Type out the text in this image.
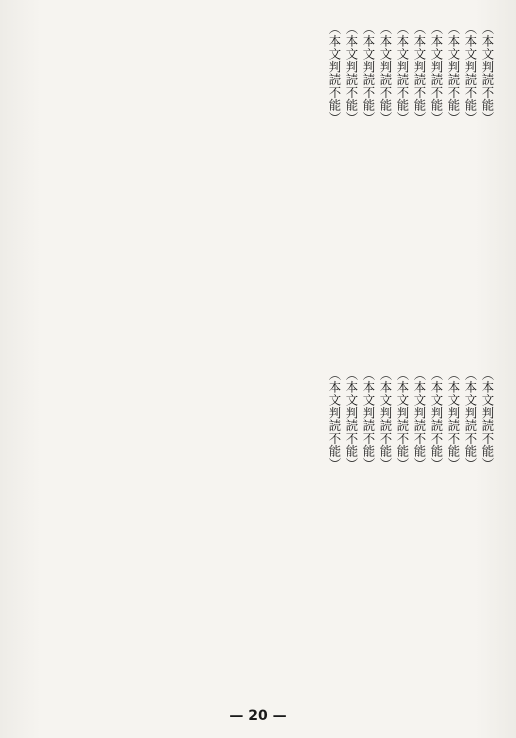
（本文判読不能）

（本文判読不能）

（本文判読不能）

（本文判読不能）

（本文判読不能）

（本文判読不能）

（本文判読不能）

（本文判読不能）

（本文判読不能）

（本文判読不能）

（本文判読不能）

（本文判読不能）

（本文判読不能）

（本文判読不能）

（本文判読不能）

（本文判読不能）

（本文判読不能）

（本文判読不能）

（本文判読不能）

（本文判読不能）

— 20 —
